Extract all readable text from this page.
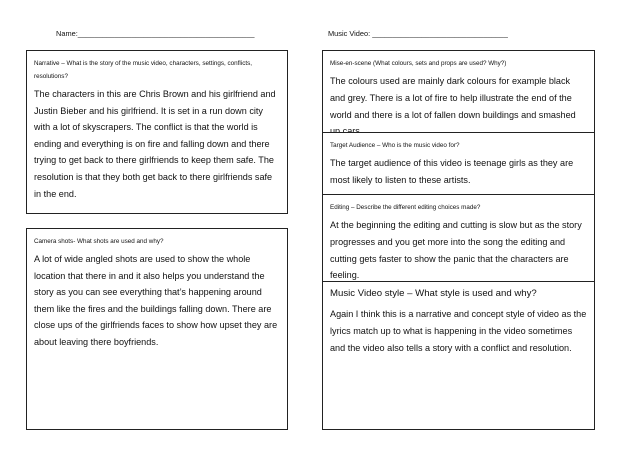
Name:___________________________________________	Music Video: _________________________________

Narrative – What is the story of the music video, characters, settings, conflicts, resolutions?

The characters in this are Chris Brown and his girlfriend and Justin Bieber and his girlfriend. It is set in a run down city with a lot of skyscrapers. The conflict is that the world is ending and everything is on fire and falling down and there trying to get back to there girlfriends to keep them safe. The resolution is that they both get back to there girlfriends safe in the end.

Camera shots- What shots are used and why?

A lot of wide angled shots are used to show the whole location that there in and it also helps you understand the story as you can see everything that’s happening around them like the fires and the buildings falling down. There are close ups of the girlfriends faces to show how upset they are about leaving there boyfriends.

Mise-en-scene (What colours, sets and props are used? Why?)

The colours used are mainly dark colours for example black and grey. There is a lot of fire to help illustrate the end of the world and there is a lot of fallen down buildings and smashed

Target Audience – Who is the music video for?

The target audience of this video is teenage girls as they are most likely to listen to these artists.

Editing – Describe the different editing choices made?

At the beginning the editing and cutting is slow but as the story progresses and you get more into the song the editing and cutting gets faster to show the panic that the characters are feeling.

Music Video style – What style is used and why?

Again I think this is a narrative and concept style of video as the lyrics match up to what is happening in the video sometimes and the video also tells a story with a conflict and resolution.
